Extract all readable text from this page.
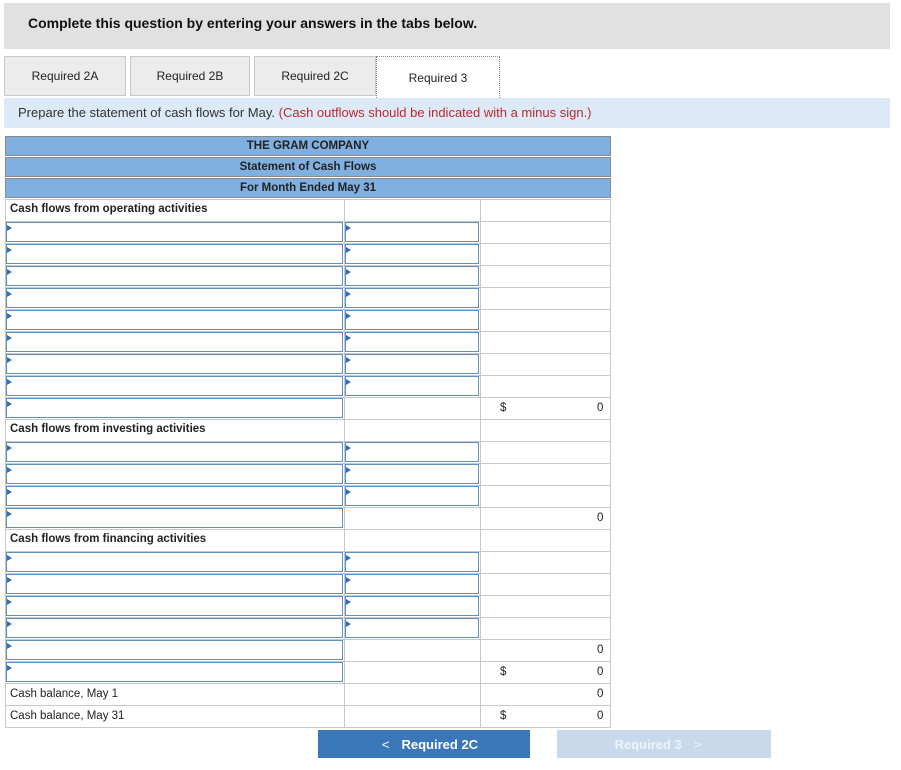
Complete this question by entering your answers in the tabs below.
Required 2A	Required 2B	Required 2C	Required 3
Prepare the statement of cash flows for May. (Cash outflows should be indicated with a minus sign.)
THE GRAM COMPANY
Statement of Cash Flows
For Month Ended May 31
Cash flows from operating activities
$	0
Cash flows from investing activities
0
Cash flows from financing activities
0
$	0
Cash balance, May 1	0
Cash balance, May 31	$	0
< Required 2C	Required 3 >
